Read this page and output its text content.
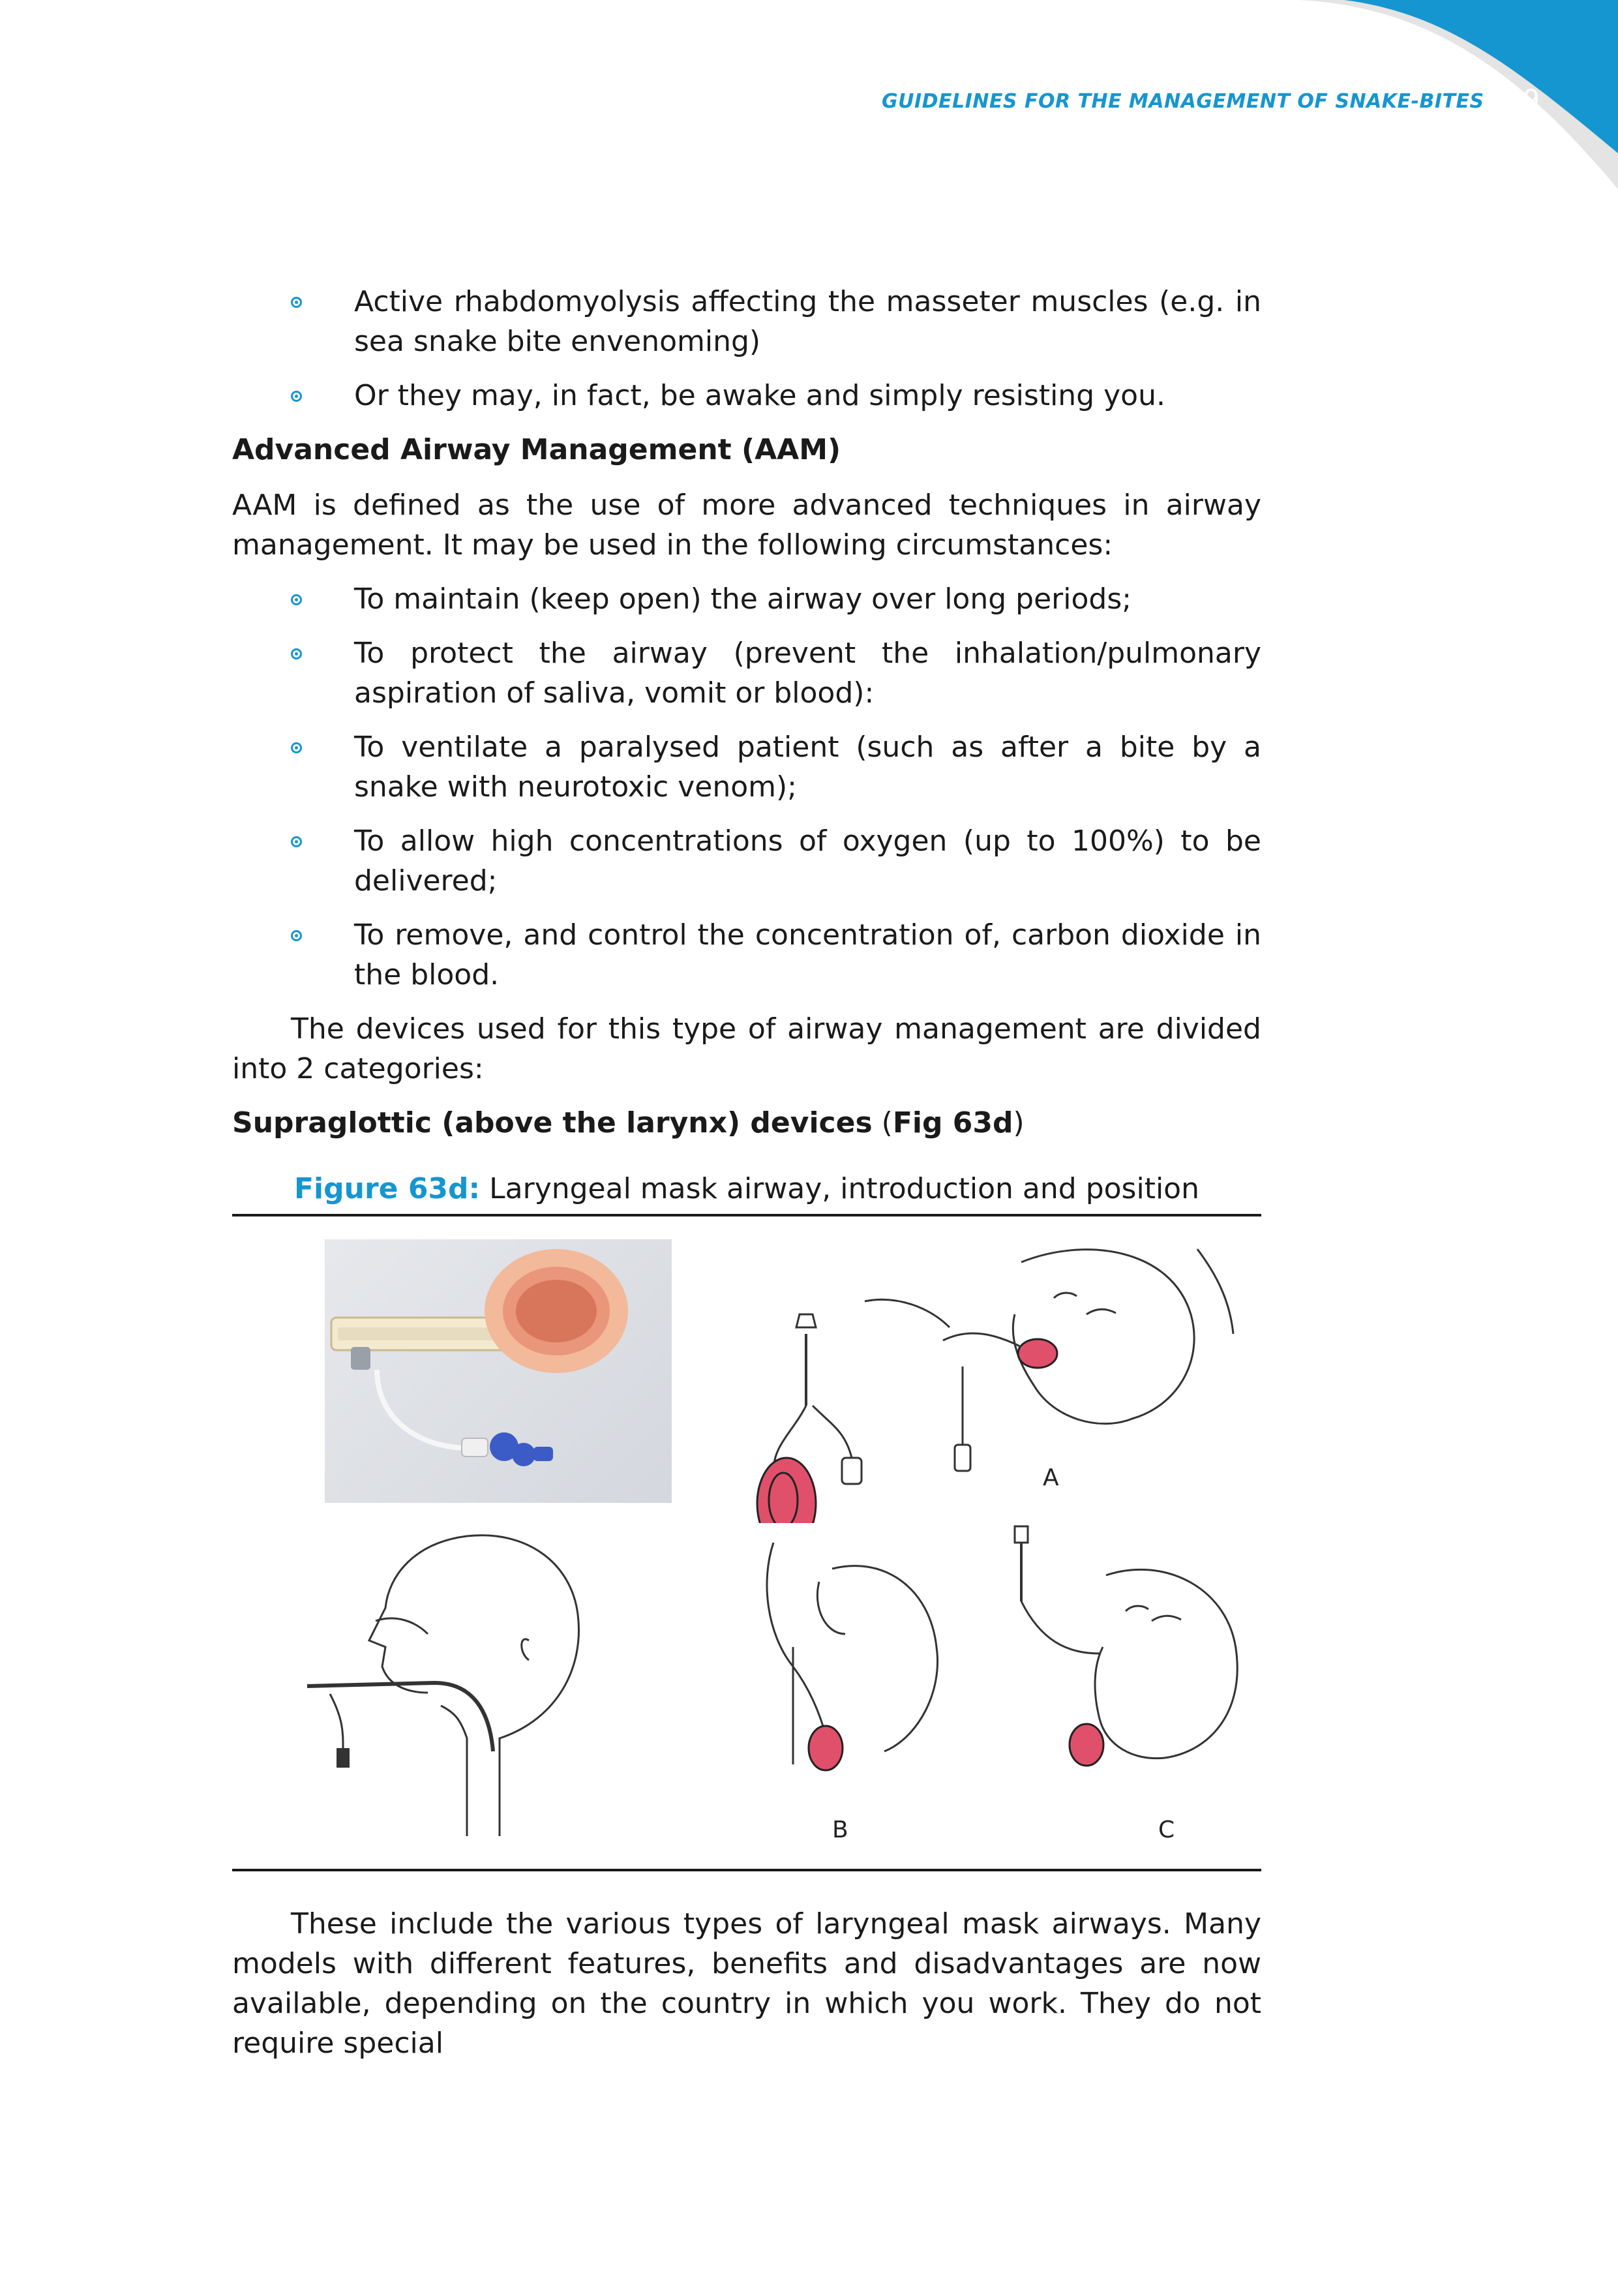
GUIDELINES FOR THE MANAGEMENT OF SNAKE-BITES 99
Active rhabdomyolysis affecting the masseter muscles (e.g. in sea snake bite envenoming)
Or they may, in fact, be awake and simply resisting you.
Advanced Airway Management (AAM)

AAM is defined as the use of more advanced techniques in airway management. It may be used in the following circumstances:

To maintain (keep open) the airway over long periods;
To protect the airway (prevent the inhalation/pulmonary aspiration of saliva, vomit or blood):
To ventilate a paralysed patient (such as after a bite by a snake with neurotoxic venom);
To allow high concentrations of oxygen (up to 100%) to be delivered;
To remove, and control the concentration of, carbon dioxide in the blood.

The devices used for this type of airway management are divided into 2 categories:

Supraglottic (above the larynx) devices (Fig 63d)
Figure 63d: Laryngeal mask airway, introduction and position
A
B	C

These include the various types of laryngeal mask airways. Many models with different features, benefits and disadvantages are now available, depending on the country in which you work. They do not require special
